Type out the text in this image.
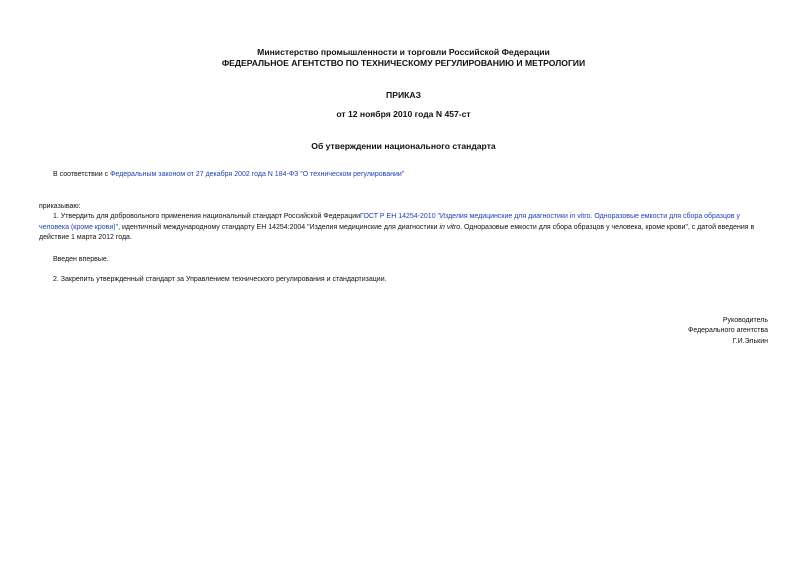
Министерство промышленности и торговли Российской Федерации
ФЕДЕРАЛЬНОЕ АГЕНТСТВО ПО ТЕХНИЧЕСКОМУ РЕГУЛИРОВАНИЮ И МЕТРОЛОГИИ
ПРИКАЗ
от 12 ноября 2010 года N 457-ст
Об утверждении национального стандарта
В соответствии с Федеральным законом от 27 декабря 2002 года N 184-ФЗ "О техническом регулировании"
приказываю:
1. Утвердить для добровольного применения национальный стандарт Российской ФедерацииГОСТ Р ЕН 14254-2010 "Изделия медицинские для диагностики in vitro. Одноразовые емкости для сбора образцов у человека (кроме крови)", идентичный международному стандарту ЕН 14254:2004 "Изделия медицинские для диагностики in vitro. Одноразовые емкости для сбора образцов у человека, кроме крови", с датой введения в действие 1 марта 2012 года.
Введен впервые.
2. Закрепить утвержденный стандарт за Управлением технического регулирования и стандартизации.
Руководитель
Федерального агентства
Г.И.Элькин
